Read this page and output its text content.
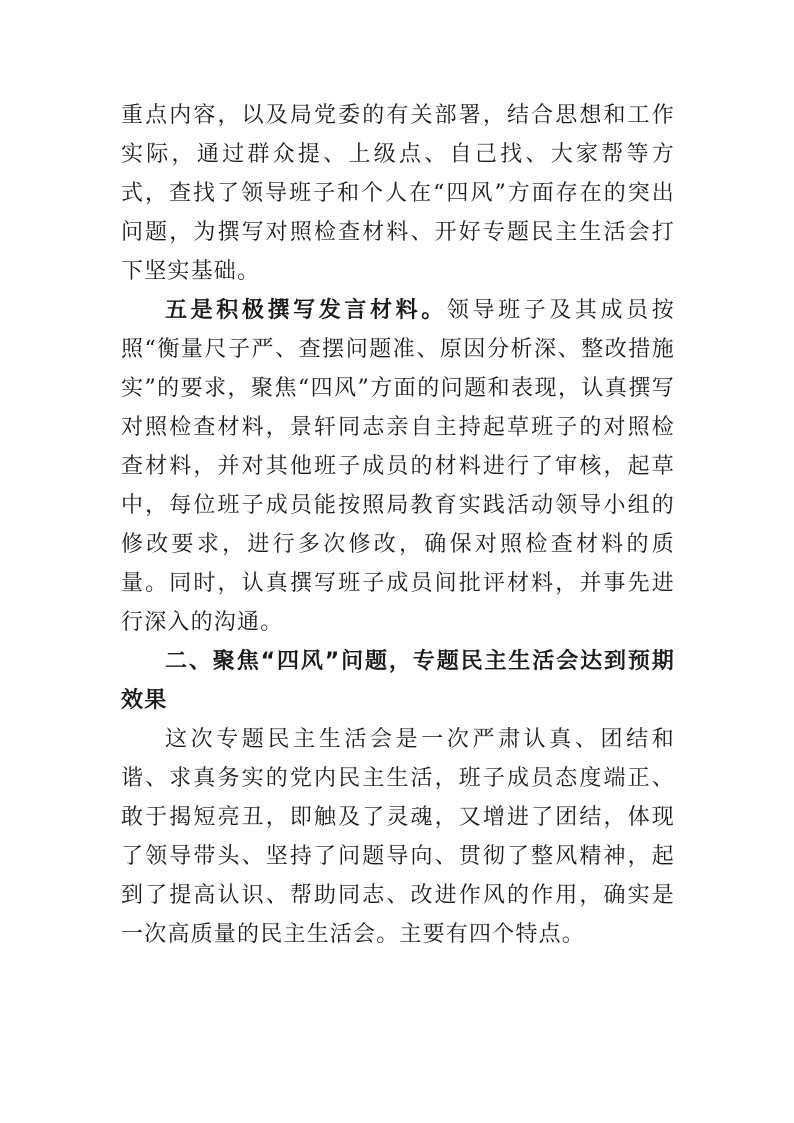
重点内容，以及局党委的有关部署，结合思想和工作实际，通过群众提、上级点、自己找、大家帮等方式，查找了领导班子和个人在“四风”方面存在的突出问题，为撰写对照检查材料、开好专题民主生活会打下坚实基础。

五是积极撰写发言材料。领导班子及其成员按照“衡量尺子严、查摆问题准、原因分析深、整改措施实”的要求，聚焦“四风”方面的问题和表现，认真撰写对照检查材料，景轩同志亲自主持起草班子的对照检查材料，并对其他班子成员的材料进行了审核，起草中，每位班子成员能按照局教育实践活动领导小组的修改要求，进行多次修改，确保对照检查材料的质量。同时，认真撰写班子成员间批评材料，并事先进行深入的沟通。

二、聚焦“四风”问题，专题民主生活会达到预期效果

这次专题民主生活会是一次严肃认真、团结和谐、求真务实的党内民主生活，班子成员态度端正、敢于揭短亮丑，即触及了灵魂，又增进了团结，体现了领导带头、坚持了问题导向、贯彻了整风精神，起到了提高认识、帮助同志、改进作风的作用，确实是一次高质量的民主生活会。主要有四个特点。
